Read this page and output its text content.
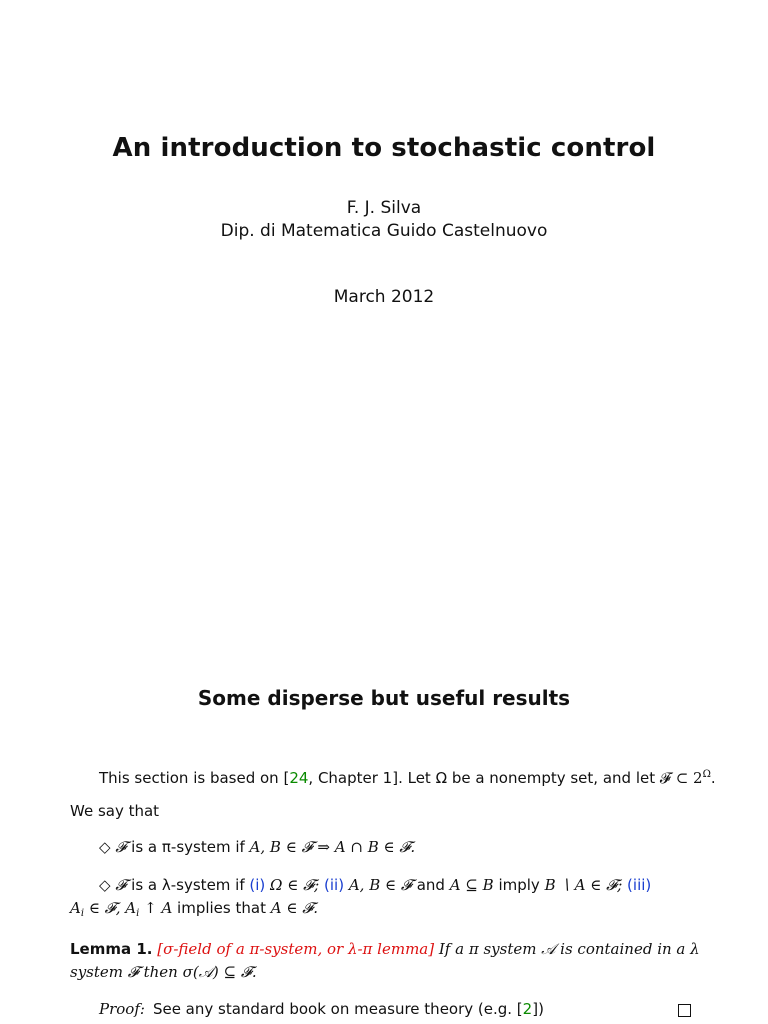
An introduction to stochastic control
F. J. Silva
Dip. di Matematica Guido Castelnuovo
March 2012
Some disperse but useful results
This section is based on [24, Chapter 1]. Let Ω be a nonempty set, and let 𝓕 ⊂ $2^\Omega$.
We say that
◇ 𝓕 is a π-system if A, B ∈ 𝓕 ⇒ A ∩ B ∈ 𝓕.
◇ 𝓕 is a λ-system if (i) Ω ∈ 𝓕; (ii) A, B ∈ 𝓕 and A ⊆ B imply B ∖ A ∈ 𝓕; (iii)
$A_i$ ∈ 𝓕, $A_i$ ↑ A implies that A ∈ 𝓕.
Lemma 1. [σ-field of a π-system, or λ-π lemma] If a π system 𝒜 is contained in a λ
system 𝓕 then σ(𝒜) ⊆ 𝓕.
Proof: See any standard book on measure theory (e.g. [2])
